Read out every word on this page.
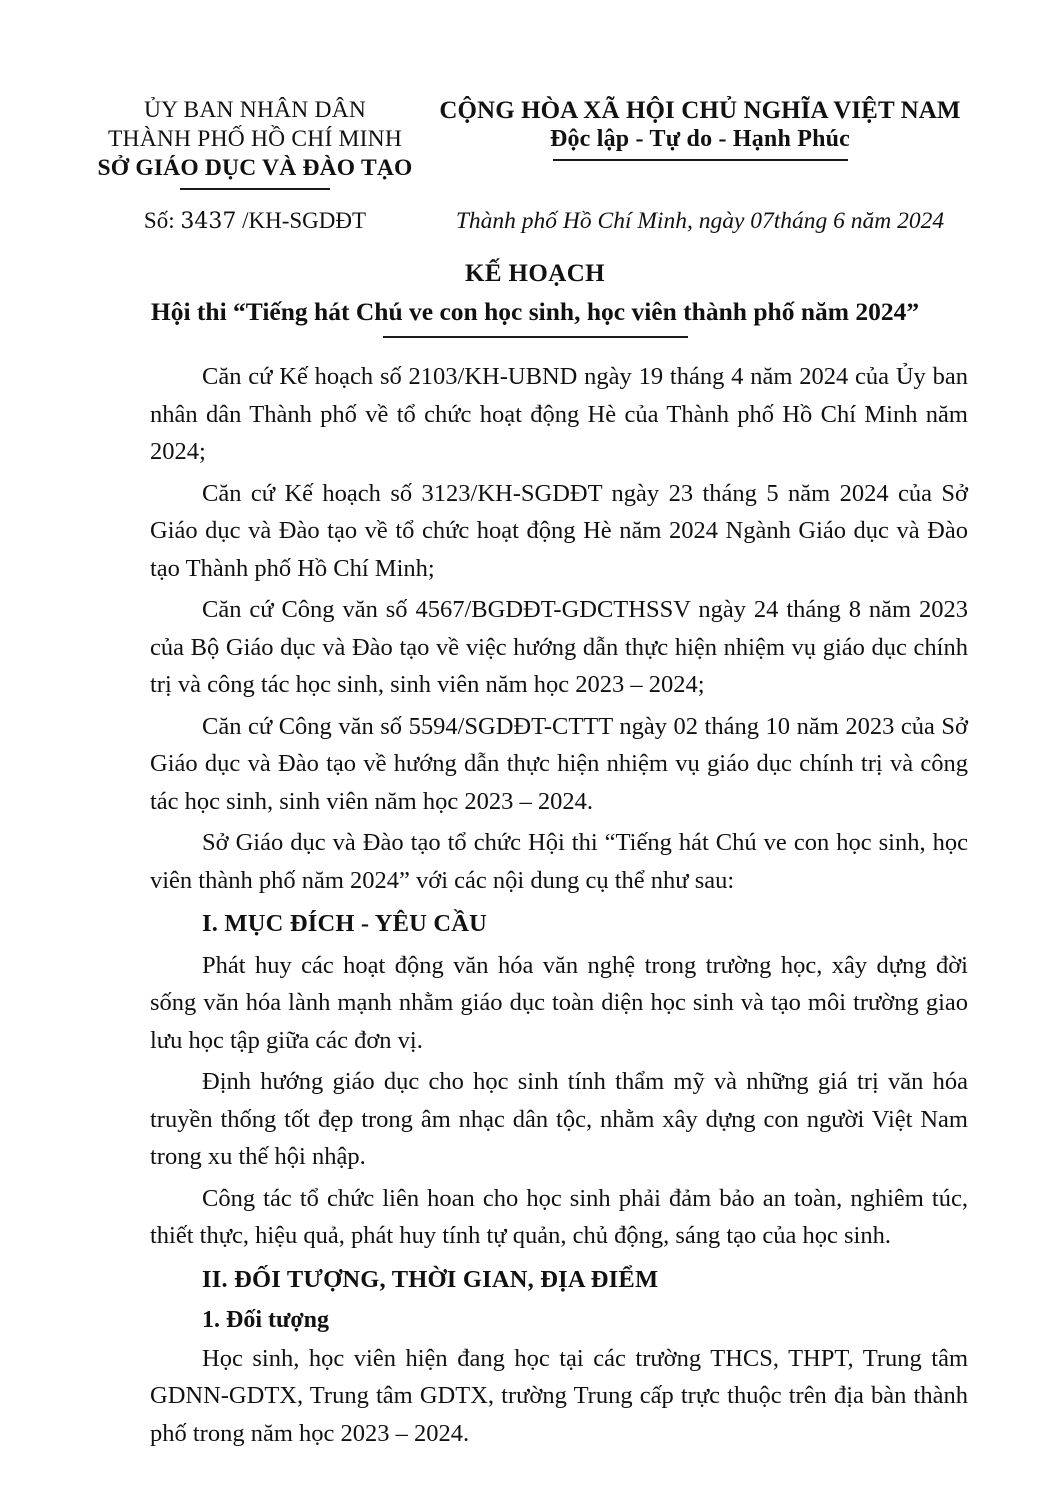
ỦY BAN NHÂN DÂN
THÀNH PHỐ HỒ CHÍ MINH
SỞ GIÁO DỤC VÀ ĐÀO TẠO
CỘNG HÒA XÃ HỘI CHỦ NGHĨA VIỆT NAM
Độc lập - Tự do - Hạnh Phúc
Số: 3437 /KH-SGDĐT	Thành phố Hồ Chí Minh, ngày 07tháng 6 năm 2024
KẾ HOẠCH
Hội thi “Tiếng hát Chú ve con học sinh, học viên thành phố năm 2024”

Căn cứ Kế hoạch số 2103/KH-UBND ngày 19 tháng 4 năm 2024 của Ủy ban nhân dân Thành phố về tổ chức hoạt động Hè của Thành phố Hồ Chí Minh năm 2024;

Căn cứ Kế hoạch số 3123/KH-SGDĐT ngày 23 tháng 5 năm 2024 của Sở Giáo dục và Đào tạo về tổ chức hoạt động Hè năm 2024 Ngành Giáo dục và Đào tạo Thành phố Hồ Chí Minh;

Căn cứ Công văn số 4567/BGDĐT-GDCTHSSV ngày 24 tháng 8 năm 2023 của Bộ Giáo dục và Đào tạo về việc hướng dẫn thực hiện nhiệm vụ giáo dục chính trị và công tác học sinh, sinh viên năm học 2023 – 2024;

Căn cứ Công văn số 5594/SGDĐT-CTTT ngày 02 tháng 10 năm 2023 của Sở Giáo dục và Đào tạo về hướng dẫn thực hiện nhiệm vụ giáo dục chính trị và công tác học sinh, sinh viên năm học 2023 – 2024.

Sở Giáo dục và Đào tạo tổ chức Hội thi “Tiếng hát Chú ve con học sinh, học viên thành phố năm 2024” với các nội dung cụ thể như sau:

I. MỤC ĐÍCH - YÊU CẦU

Phát huy các hoạt động văn hóa văn nghệ trong trường học, xây dựng đời sống văn hóa lành mạnh nhằm giáo dục toàn diện học sinh và tạo môi trường giao lưu học tập giữa các đơn vị.

Định hướng giáo dục cho học sinh tính thẩm mỹ và những giá trị văn hóa truyền thống tốt đẹp trong âm nhạc dân tộc, nhằm xây dựng con người Việt Nam trong xu thế hội nhập.

Công tác tổ chức liên hoan cho học sinh phải đảm bảo an toàn, nghiêm túc, thiết thực, hiệu quả, phát huy tính tự quản, chủ động, sáng tạo của học sinh.

II. ĐỐI TƯỢNG, THỜI GIAN, ĐỊA ĐIỂM
1. Đối tượng

Học sinh, học viên hiện đang học tại các trường THCS, THPT, Trung tâm GDNN-GDTX, Trung tâm GDTX, trường Trung cấp trực thuộc trên địa bàn thành phố trong năm học 2023 – 2024.
